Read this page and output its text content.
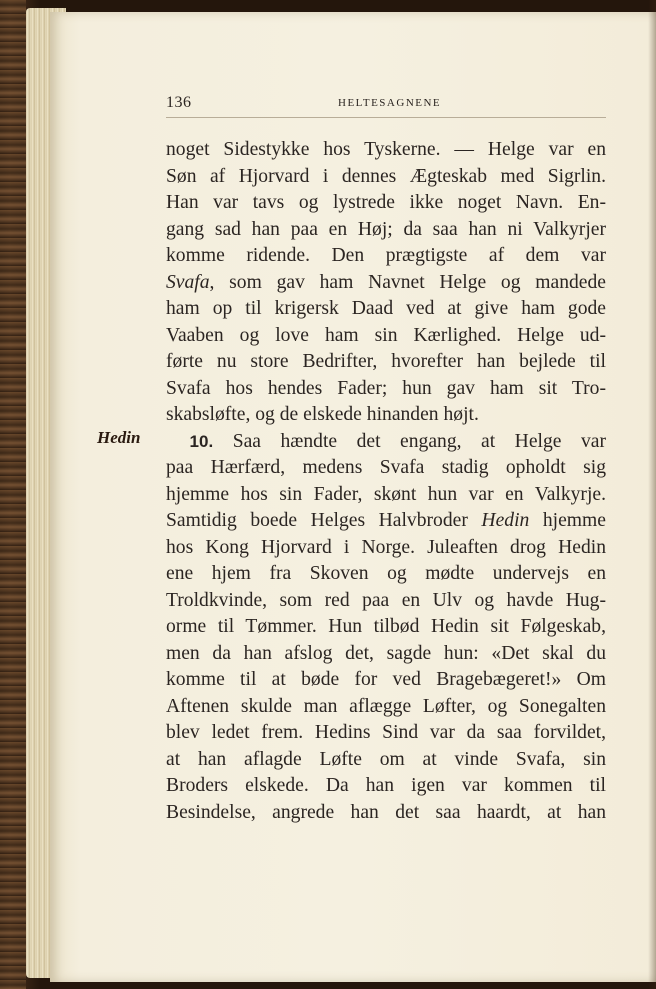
136	HELTESAGNENE
Hedin
noget Sidestykke hos Tyskerne. — Helge var en
Søn af Hjorvard i dennes Ægteskab med Sigrlin.
Han var tavs og lystrede ikke noget Navn. En-
gang sad han paa en Høj; da saa han ni Valkyrjer
komme ridende. Den prægtigste af dem var
Svafa, som gav ham Navnet Helge og mandede
ham op til krigersk Daad ved at give ham gode
Vaaben og love ham sin Kærlighed. Helge ud-
førte nu store Bedrifter, hvorefter han bejlede til
Svafa hos hendes Fader; hun gav ham sit Tro-
skabsløfte, og de elskede hinanden højt.
  10. Saa hændte det engang, at Helge var
paa Hærfærd, medens Svafa stadig opholdt sig
hjemme hos sin Fader, skønt hun var en Valkyrje.
Samtidig boede Helges Halvbroder Hedin hjemme
hos Kong Hjorvard i Norge. Juleaften drog Hedin
ene hjem fra Skoven og mødte undervejs en
Troldkvinde, som red paa en Ulv og havde Hug-
orme til Tømmer. Hun tilbød Hedin sit Følgeskab,
men da han afslog det, sagde hun: «Det skal du
komme til at bøde for ved Bragebægeret!» Om
Aftenen skulde man aflægge Løfter, og Sonegalten
blev ledet frem. Hedins Sind var da saa forvildet,
at han aflagde Løfte om at vinde Svafa, sin
Broders elskede. Da han igen var kommen til
Besindelse, angrede han det saa haardt, at han
